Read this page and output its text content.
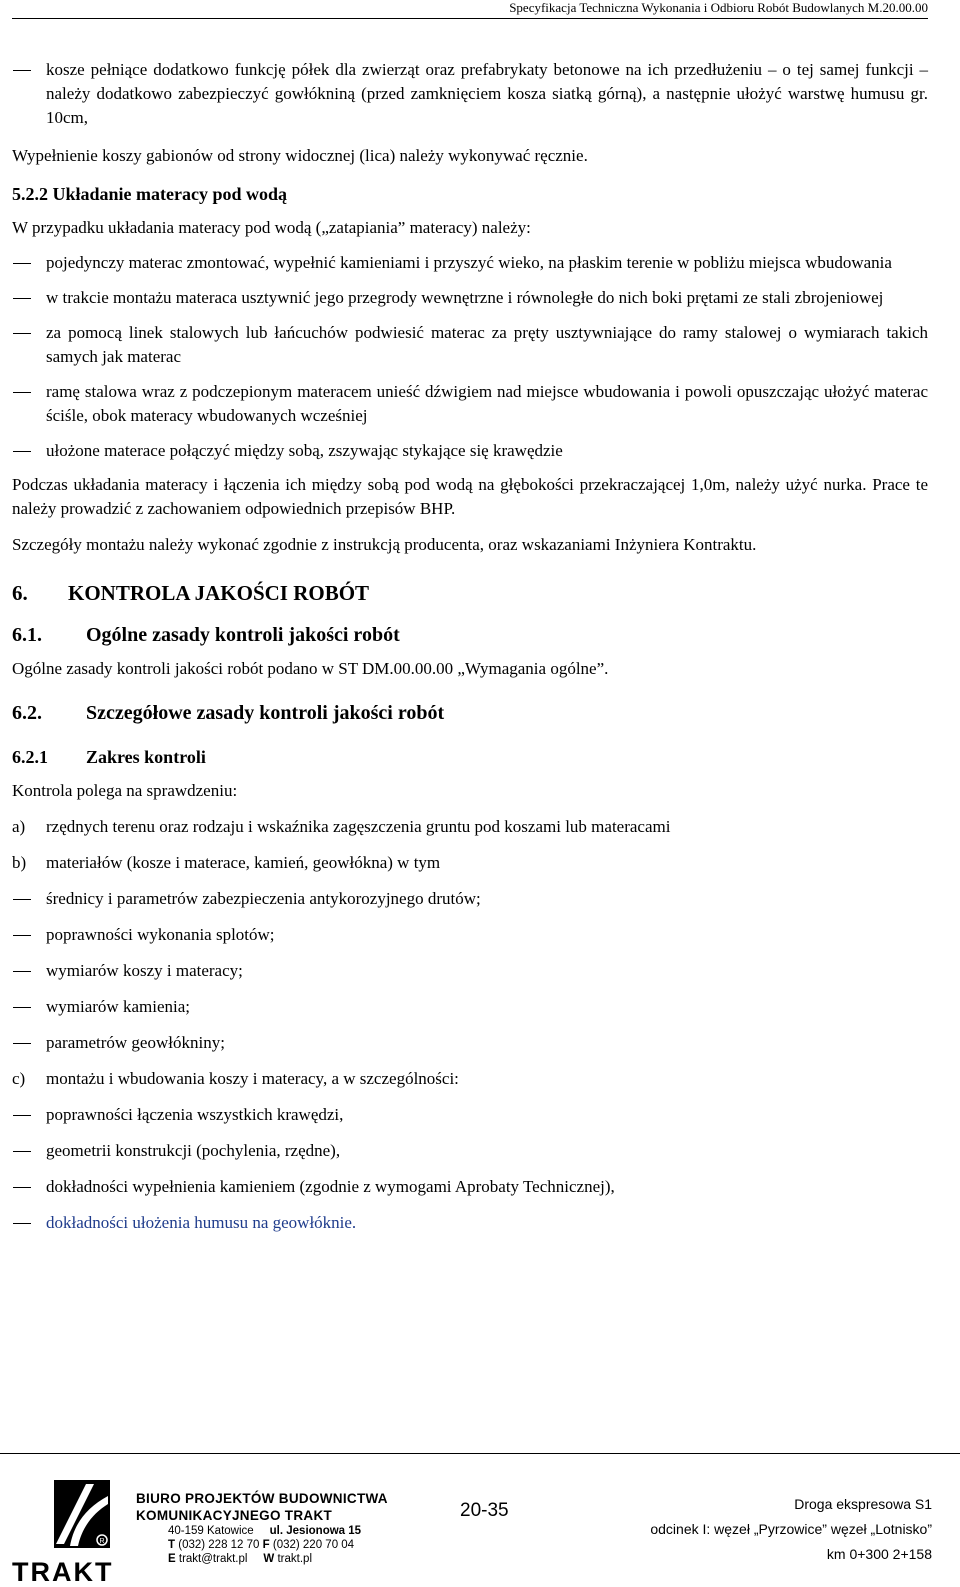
Specyfikacja Techniczna Wykonania i Odbioru Robót Budowlanych M.20.00.00
kosze pełniące dodatkowo funkcję półek dla zwierząt oraz prefabrykaty betonowe na ich przedłużeniu – o tej samej funkcji – należy dodatkowo zabezpieczyć gowłókniną (przed zamknięciem kosza siatką górną), a następnie ułożyć warstwę humusu gr. 10cm,

Wypełnienie koszy gabionów od strony widocznej (lica) należy wykonywać ręcznie.

5.2.2 Układanie materacy pod wodą

W przypadku układania materacy pod wodą („zatapiania” materacy) należy:

pojedynczy materac zmontować, wypełnić kamieniami i przyszyć wieko, na płaskim terenie w pobliżu miejsca wbudowania
w trakcie montażu materaca usztywnić jego przegrody wewnętrzne i równoległe do nich boki prętami ze stali zbrojeniowej
za pomocą linek stalowych lub łańcuchów podwiesić materac za pręty usztywniające do ramy stalowej o wymiarach takich samych jak materac
ramę stalowa wraz z podczepionym materacem unieść dźwigiem nad miejsce wbudowania i powoli opuszczając ułożyć materac ściśle, obok materacy wbudowanych wcześniej
ułożone materace połączyć między sobą, zszywając stykające się krawędzie

Podczas układania materacy i łączenia ich między sobą pod wodą na głębokości przekraczającej 1,0m, należy użyć nurka. Prace te należy prowadzić z zachowaniem odpowiednich przepisów BHP.

Szczegóły montażu należy wykonać zgodnie z instrukcją producenta, oraz wskazaniami Inżyniera Kontraktu.

6. KONTROLA JAKOŚCI ROBÓT

6.1. Ogólne zasady kontroli jakości robót

Ogólne zasady kontroli jakości robót podano w ST DM.00.00.00 „Wymagania ogólne”.

6.2. Szczegółowe zasady kontroli jakości robót

6.2.1 Zakres kontroli

Kontrola polega na sprawdzeniu:

a) rzędnych terenu oraz rodzaju i wskaźnika zagęszczenia gruntu pod koszami lub materacami
b) materiałów (kosze i materace, kamień, geowłókna) w tym
średnicy i parametrów zabezpieczenia antykorozyjnego drutów;
poprawności wykonania splotów;
wymiarów koszy i materacy;
wymiarów kamienia;
parametrów geowłókniny;
c) montażu i wbudowania koszy i materacy, a w szczególności:
poprawności łączenia wszystkich krawędzi,
geometrii konstrukcji (pochylenia, rzędne),
dokładności wypełnienia kamieniem (zgodnie z wymogami Aprobaty Technicznej),
dokładności ułożenia humusu na geowłóknie.
R
TRAKT
BIURO PROJEKTÓW BUDOWNICTWA
KOMUNIKACYJNEGO TRAKT
40-159 Katowice ul. Jesionowa 15
T (032) 228 12 70 F (032) 220 70 04
E trakt@trakt.pl W trakt.pl
20-35	Droga ekspresowa S1
odcinek I: węzeł „Pyrzowice” węzeł „Lotnisko”
km 0+300 2+158
